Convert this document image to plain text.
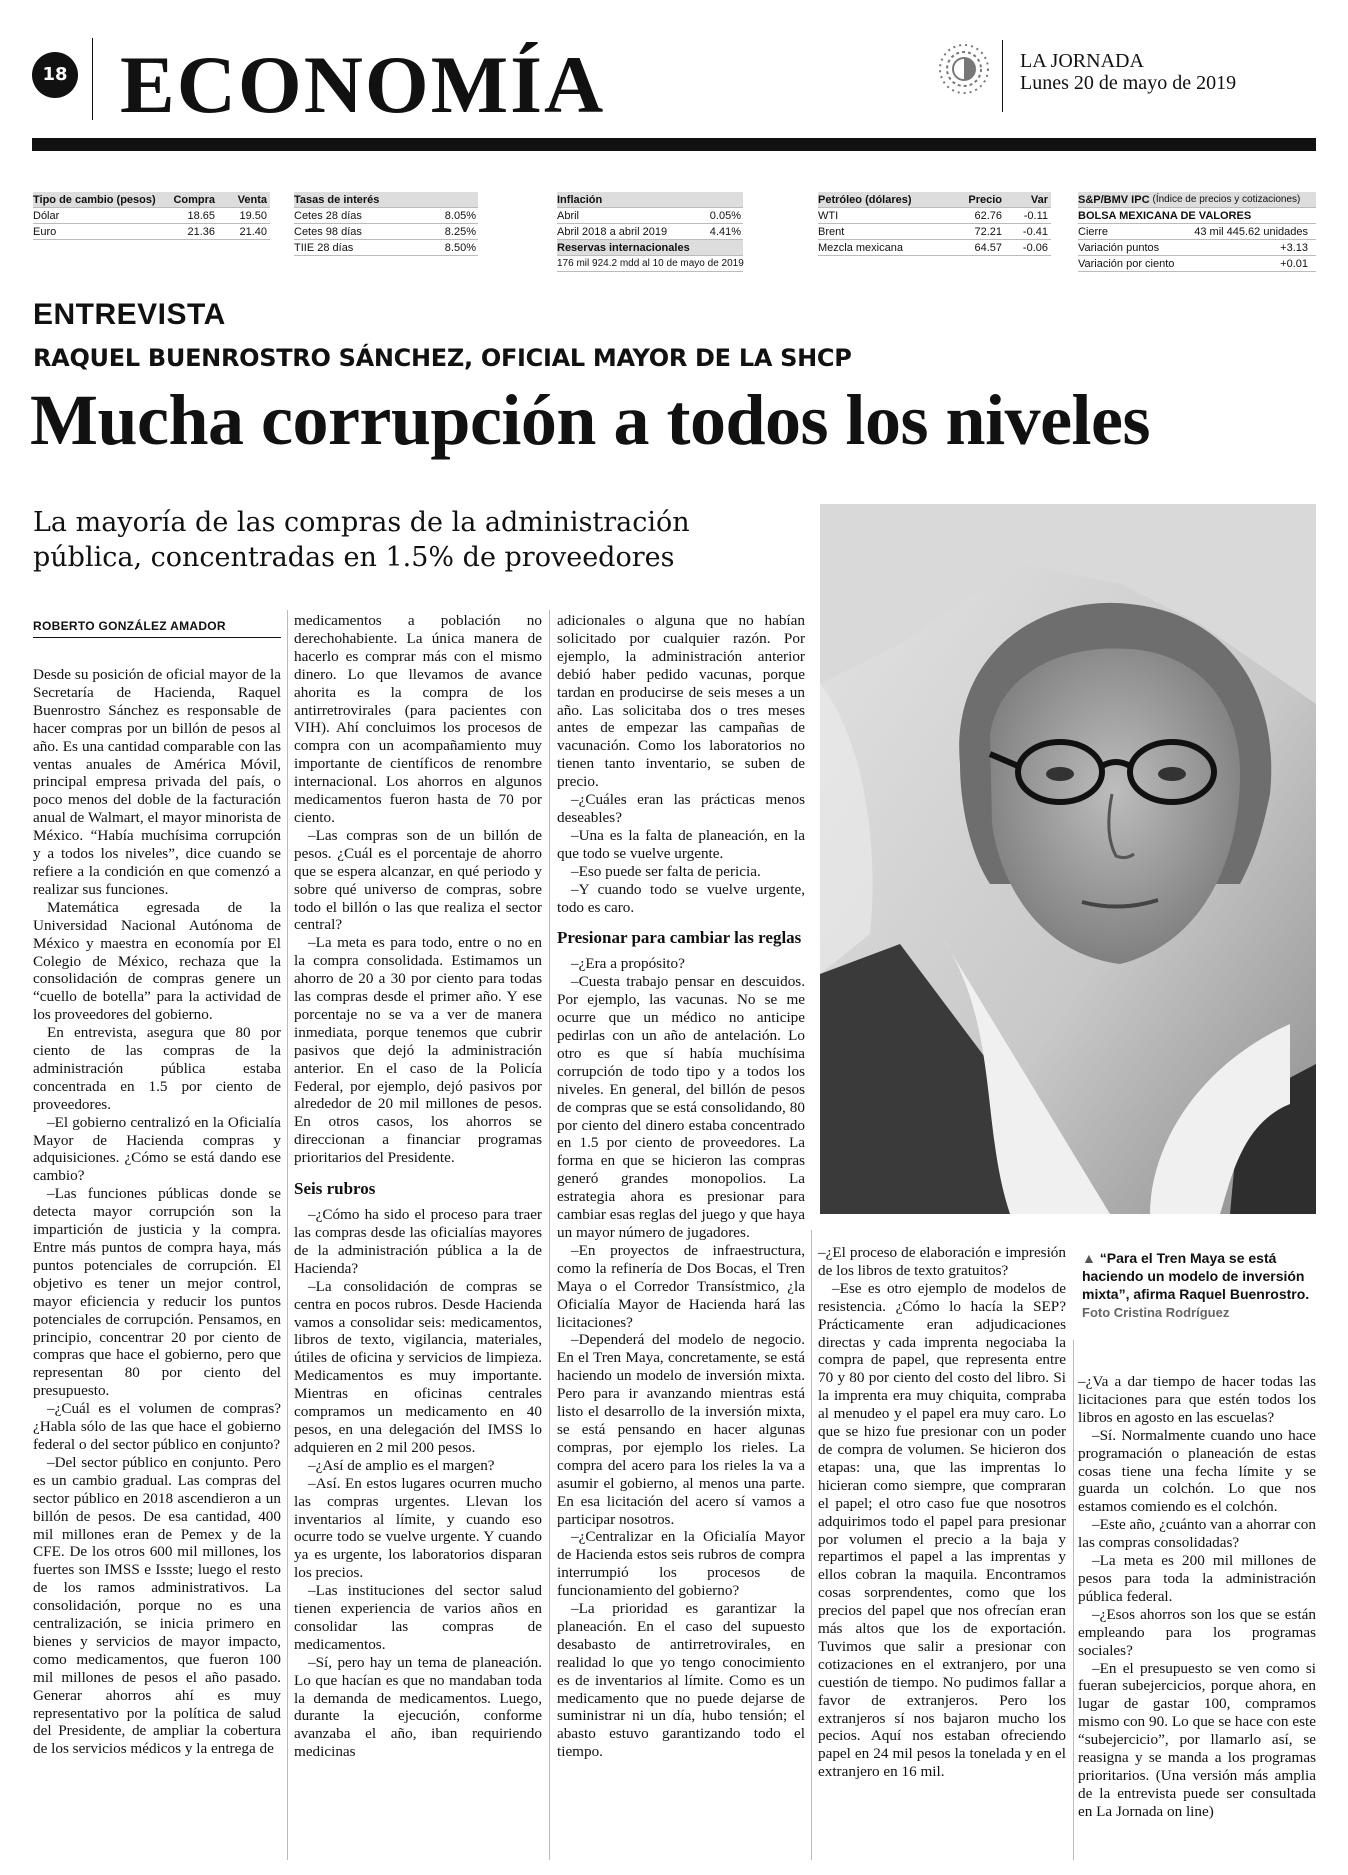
18 ECONOMÍA	LA JORNADA
Lunes 20 de mayo de 2019
Tipo de cambio (pesos)	Compra	Venta
Dólar	18.65	19.50
Euro	21.36	21.40
Tasas de interés
Cetes 28 días	8.05%
Cetes 98 días	8.25%
TIIE 28 días	8.50%
Inflación
Abril	0.05%
Abril 2018 a abril 2019	4.41%
Reservas internacionales
176 mil 924.2 mdd al 10 de mayo de 2019
Petróleo (dólares)	Precio	Var
WTI	62.76	-0.11
Brent	72.21	-0.41
Mezcla mexicana	64.57	-0.06
S&P/BMV IPC (Índice de precios y cotizaciones)
BOLSA MEXICANA DE VALORES
Cierre	43 mil 445.62 unidades
Variación puntos	+3.13
Variación por ciento	+0.01
ENTREVISTA
RAQUEL BUENROSTRO SÁNCHEZ, OFICIAL MAYOR DE LA SHCP
Mucha corrupción a todos los niveles

La mayoría de las compras de la administración pública, concentradas en 1.5% de proveedores

ROBERTO GONZÁLEZ AMADOR

Desde su posición de oficial mayor de la Secretaría de Hacienda, Raquel Buenrostro Sánchez es responsable de hacer compras por un billón de pesos al año. Es una cantidad comparable con las ventas anuales de América Móvil, principal empresa privada del país, o poco menos del doble de la facturación anual de Walmart, el mayor minorista de México. “Había muchísima corrupción y a todos los niveles”, dice cuando se refiere a la condición en que comenzó a realizar sus funciones.

Matemática egresada de la Universidad Nacional Autónoma de México y maestra en economía por El Colegio de México, rechaza que la consolidación de compras genere un “cuello de botella” para la actividad de los proveedores del gobierno.

En entrevista, asegura que 80 por ciento de las compras de la administración pública estaba concentrada en 1.5 por ciento de proveedores.

–El gobierno centralizó en la Oficialía Mayor de Hacienda compras y adquisiciones. ¿Cómo se está dando ese cambio?

–Las funciones públicas donde se detecta mayor corrupción son la impartición de justicia y la compra. Entre más puntos de compra haya, más puntos potenciales de corrupción. El objetivo es tener un mejor control, mayor eficiencia y reducir los puntos potenciales de corrupción. Pensamos, en principio, concentrar 20 por ciento de compras que hace el gobierno, pero que representan 80 por ciento del presupuesto.

–¿Cuál es el volumen de compras? ¿Habla sólo de las que hace el gobierno federal o del sector público en conjunto?

–Del sector público en conjunto. Pero es un cambio gradual. Las compras del sector público en 2018 ascendieron a un billón de pesos. De esa cantidad, 400 mil millones eran de Pemex y de la CFE. De los otros 600 mil millones, los fuertes son IMSS e Issste; luego el resto de los ramos administrativos. La consolidación, porque no es una centralización, se inicia primero en bienes y servicios de mayor impacto, como medicamentos, que fueron 100 mil millones de pesos el año pasado. Generar ahorros ahí es muy representativo por la política de salud del Presidente, de ampliar la cobertura de los servicios médicos y la entrega de

medicamentos a población no derechohabiente. La única manera de hacerlo es comprar más con el mismo dinero. Lo que llevamos de avance ahorita es la compra de los antirretrovirales (para pacientes con VIH). Ahí concluimos los procesos de compra con un acompañamiento muy importante de científicos de renombre internacional. Los ahorros en algunos medicamentos fueron hasta de 70 por ciento.

–Las compras son de un billón de pesos. ¿Cuál es el porcentaje de ahorro que se espera alcanzar, en qué periodo y sobre qué universo de compras, sobre todo el billón o las que realiza el sector central?

–La meta es para todo, entre o no en la compra consolidada. Estimamos un ahorro de 20 a 30 por ciento para todas las compras desde el primer año. Y ese porcentaje no se va a ver de manera inmediata, porque tenemos que cubrir pasivos que dejó la administración anterior. En el caso de la Policía Federal, por ejemplo, dejó pasivos por alrededor de 20 mil millones de pesos. En otros casos, los ahorros se direccionan a financiar programas prioritarios del Presidente.

Seis rubros

–¿Cómo ha sido el proceso para traer las compras desde las oficialías mayores de la administración pública a la de Hacienda?

–La consolidación de compras se centra en pocos rubros. Desde Hacienda vamos a consolidar seis: medicamentos, libros de texto, vigilancia, materiales, útiles de oficina y servicios de limpieza. Medicamentos es muy importante. Mientras en oficinas centrales compramos un medicamento en 40 pesos, en una delegación del IMSS lo adquieren en 2 mil 200 pesos.

–¿Así de amplio es el margen?

–Así. En estos lugares ocurren mucho las compras urgentes. Llevan los inventarios al límite, y cuando eso ocurre todo se vuelve urgente. Y cuando ya es urgente, los laboratorios disparan los precios.

–Las instituciones del sector salud tienen experiencia de varios años en consolidar las compras de medicamentos.

–Sí, pero hay un tema de planeación. Lo que hacían es que no mandaban toda la demanda de medicamentos. Luego, durante la ejecución, conforme avanzaba el año, iban requiriendo medicinas

adicionales o alguna que no habían solicitado por cualquier razón. Por ejemplo, la administración anterior debió haber pedido vacunas, porque tardan en producirse de seis meses a un año. Las solicitaba dos o tres meses antes de empezar las campañas de vacunación. Como los laboratorios no tienen tanto inventario, se suben de precio.

–¿Cuáles eran las prácticas menos deseables?

–Una es la falta de planeación, en la que todo se vuelve urgente.

–Eso puede ser falta de pericia.

–Y cuando todo se vuelve urgente, todo es caro.

Presionar para cambiar las reglas

–¿Era a propósito?

–Cuesta trabajo pensar en descuidos. Por ejemplo, las vacunas. No se me ocurre que un médico no anticipe pedirlas con un año de antelación. Lo otro es que sí había muchísima corrupción de todo tipo y a todos los niveles. En general, del billón de pesos de compras que se está consolidando, 80 por ciento del dinero estaba concentrado en 1.5 por ciento de proveedores. La forma en que se hicieron las compras generó grandes monopolios. La estrategia ahora es presionar para cambiar esas reglas del juego y que haya un mayor número de jugadores.

–En proyectos de infraestructura, como la refinería de Dos Bocas, el Tren Maya o el Corredor Transístmico, ¿la Oficialía Mayor de Hacienda hará las licitaciones?

–Dependerá del modelo de negocio. En el Tren Maya, concretamente, se está haciendo un modelo de inversión mixta. Pero para ir avanzando mientras está listo el desarrollo de la inversión mixta, se está pensando en hacer algunas compras, por ejemplo los rieles. La compra del acero para los rieles la va a asumir el gobierno, al menos una parte. En esa licitación del acero sí vamos a participar nosotros.

–¿Centralizar en la Oficialía Mayor de Hacienda estos seis rubros de compra interrumpió los procesos de funcionamiento del gobierno?

–La prioridad es garantizar la planeación. En el caso del supuesto desabasto de antirretrovirales, en realidad lo que yo tengo conocimiento es de inventarios al límite. Como es un medicamento que no puede dejarse de suministrar ni un día, hubo tensión; el abasto estuvo garantizando todo el tiempo.

▲ “Para el Tren Maya se está haciendo un modelo de inversión mixta”, afirma Raquel Buenrostro.

Foto Cristina Rodríguez

–¿El proceso de elaboración e impresión de los libros de texto gratuitos?

–Ese es otro ejemplo de modelos de resistencia. ¿Cómo lo hacía la SEP? Prácticamente eran adjudicaciones directas y cada imprenta negociaba la compra de papel, que representa entre 70 y 80 por ciento del costo del libro. Si la imprenta era muy chiquita, compraba al menudeo y el papel era muy caro. Lo que se hizo fue presionar con un poder de compra de volumen. Se hicieron dos etapas: una, que las imprentas lo hicieran como siempre, que compraran el papel; el otro caso fue que nosotros adquirimos todo el papel para presionar por volumen el precio a la baja y repartimos el papel a las imprentas y ellos cobran la maquila. Encontramos cosas sorprendentes, como que los precios del papel que nos ofrecían eran más altos que los de exportación. Tuvimos que salir a presionar con cotizaciones en el extranjero, por una cuestión de tiempo. No pudimos fallar a favor de extranjeros. Pero los extranjeros sí nos bajaron mucho los pecios. Aquí nos estaban ofreciendo papel en 24 mil pesos la tonelada y en el extranjero en 16 mil.

–¿Va a dar tiempo de hacer todas las licitaciones para que estén todos los libros en agosto en las escuelas?

–Sí. Normalmente cuando uno hace programación o planeación de estas cosas tiene una fecha límite y se guarda un colchón. Lo que nos estamos comiendo es el colchón.

–Este año, ¿cuánto van a ahorrar con las compras consolidadas?

–La meta es 200 mil millones de pesos para toda la administración pública federal.

–¿Esos ahorros son los que se están empleando para los programas sociales?

–En el presupuesto se ven como si fueran subejercicios, porque ahora, en lugar de gastar 100, compramos mismo con 90. Lo que se hace con este “subejercicio”, por llamarlo así, se reasigna y se manda a los programas prioritarios. (Una versión más amplia de la entrevista puede ser consultada en La Jornada on line)
